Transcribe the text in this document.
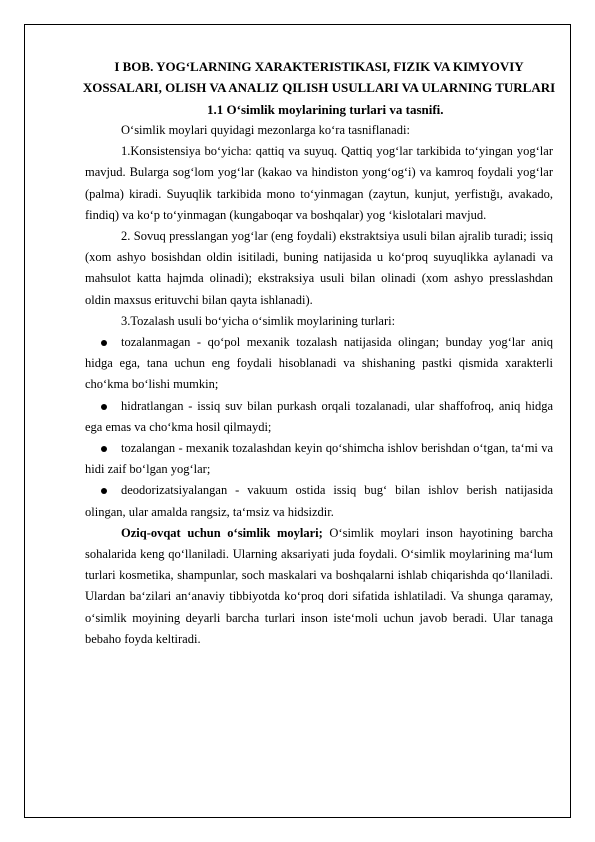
I BOB. YOG‘LARNING XARAKTERISTIKASI, FIZIK VA KIMYOVIY XOSSALARI, OLISH VA ANALIZ QILISH USULLARI VA ULARNING TURLARI
1.1 O‘simlik moylarining turlari va tasnifi.

O‘simlik moylari quyidagi mezonlarga ko‘ra tasniflanadi:

1.Konsistensiya bo‘yicha: qattiq va suyuq. Qattiq yog‘lar tarkibida to‘yingan yog‘lar mavjud. Bularga sog‘lom yog‘lar (kakao va hindiston yong‘og‘i) va kamroq foydali yog‘lar (palma) kiradi. Suyuqlik tarkibida mono to‘yinmagan (zaytun, kunjut, yerfistığı, avakado, findiq) va ko‘p to‘yinmagan (kungaboqar va boshqalar) yog ‘kislotalari mavjud.

2. Sovuq presslangan yog‘lar (eng foydali) ekstraktsiya usuli bilan ajralib turadi; issiq (xom ashyo bosishdan oldin isitiladi, buning natijasida u ko‘proq suyuqlikka aylanadi va mahsulot katta hajmda olinadi); ekstraksiya usuli bilan olinadi (xom ashyo presslashdan oldin maxsus erituvchi bilan qayta ishlanadi).

3.Tozalash usuli bo‘yicha o‘simlik moylarining turlari:

tozalanmagan - qo‘pol mexanik tozalash natijasida olingan; bunday yog‘lar aniq hidga ega, tana uchun eng foydali hisoblanadi va shishaning pastki qismida xarakterli cho‘kma bo‘lishi mumkin;

hidratlangan - issiq suv bilan purkash orqali tozalanadi, ular shaffofroq, aniq hidga ega emas va cho‘kma hosil qilmaydi;

tozalangan - mexanik tozalashdan keyin qo‘shimcha ishlov berishdan o‘tgan, ta‘mi va hidi zaif bo‘lgan yog‘lar;

deodorizatsiyalangan - vakuum ostida issiq bug‘ bilan ishlov berish natijasida olingan, ular amalda rangsiz, ta‘msiz va hidsizdir.

Oziq-ovqat uchun o‘simlik moylari; O‘simlik moylari inson hayotining barcha sohalarida keng qo‘llaniladi. Ularning aksariyati juda foydali. O‘simlik moylarining ma‘lum turlari kosmetika, shampunlar, soch maskalari va boshqalarni ishlab chiqarishda qo‘llaniladi. Ulardan ba‘zilari an‘anaviy tibbiyotda ko‘proq dori sifatida ishlatiladi. Va shunga qaramay, o‘simlik moyining deyarli barcha turlari inson iste‘moli uchun javob beradi. Ular tanaga bebaho foyda keltiradi.
